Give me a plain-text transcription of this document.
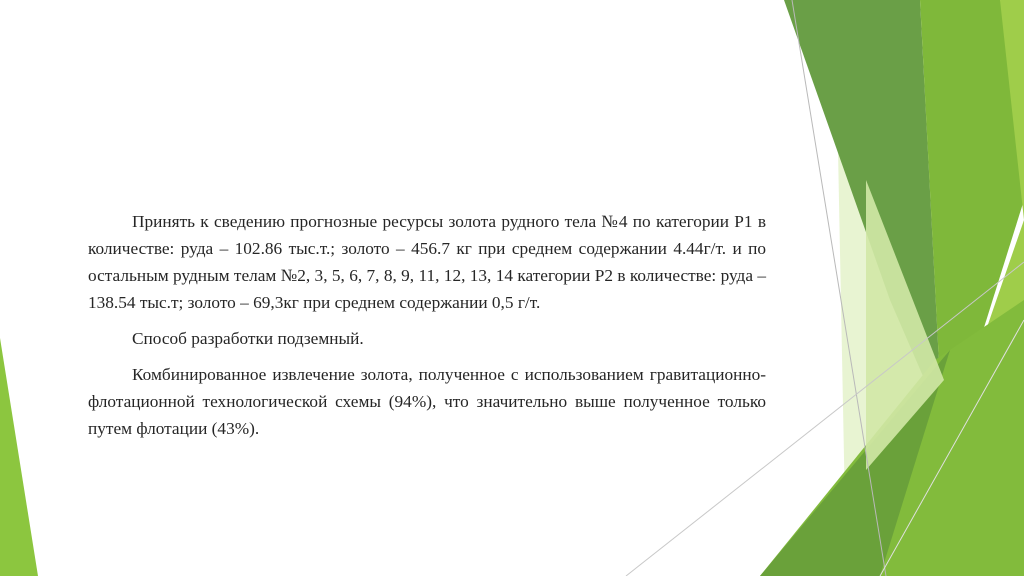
Принять к сведению прогнозные ресурсы золота рудного тела №4 по категории Р1 в количестве: руда – 102.86 тыс.т.; золото – 456.7 кг при среднем содержании 4.44г/т. и по остальным рудным телам №2, 3, 5, 6, 7, 8, 9, 11, 12, 13, 14 категории Р2 в количестве: руда – 138.54 тыс.т; золото – 69,3кг при среднем содержании 0,5 г/т.

Способ разработки подземный.

Комбинированное извлечение золота, полученное с использованием гравитационно-флотационной технологической схемы (94%), что значительно выше полученное только путем флотации (43%).
